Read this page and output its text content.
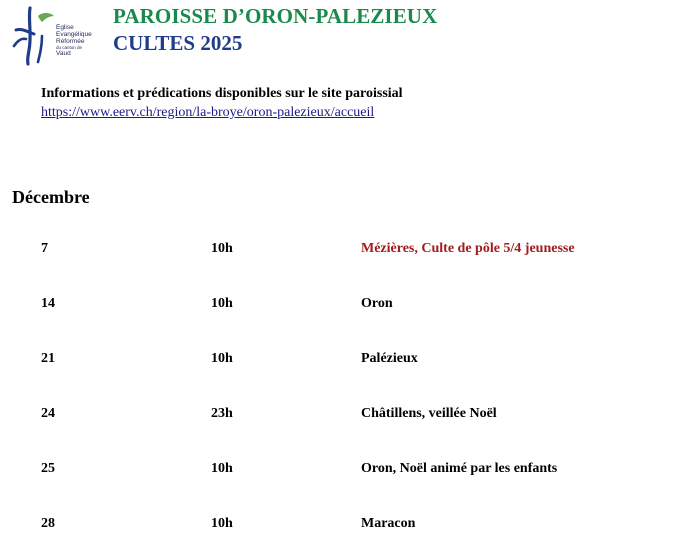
Eglise
Evangélique
Réformée
du canton de
Vaud
PAROISSE D’ORON-PALEZIEUX
CULTES 2025
Informations et prédications disponibles sur le site paroissial
https://www.eerv.ch/region/la-broye/oron-palezieux/accueil
Décembre
7	10h	Mézières, Culte de pôle 5/4 jeunesse
14	10h	Oron
21	10h	Palézieux
24	23h	Châtillens, veillée Noël
25	10h	Oron, Noël animé par les enfants
28	10h	Maracon
